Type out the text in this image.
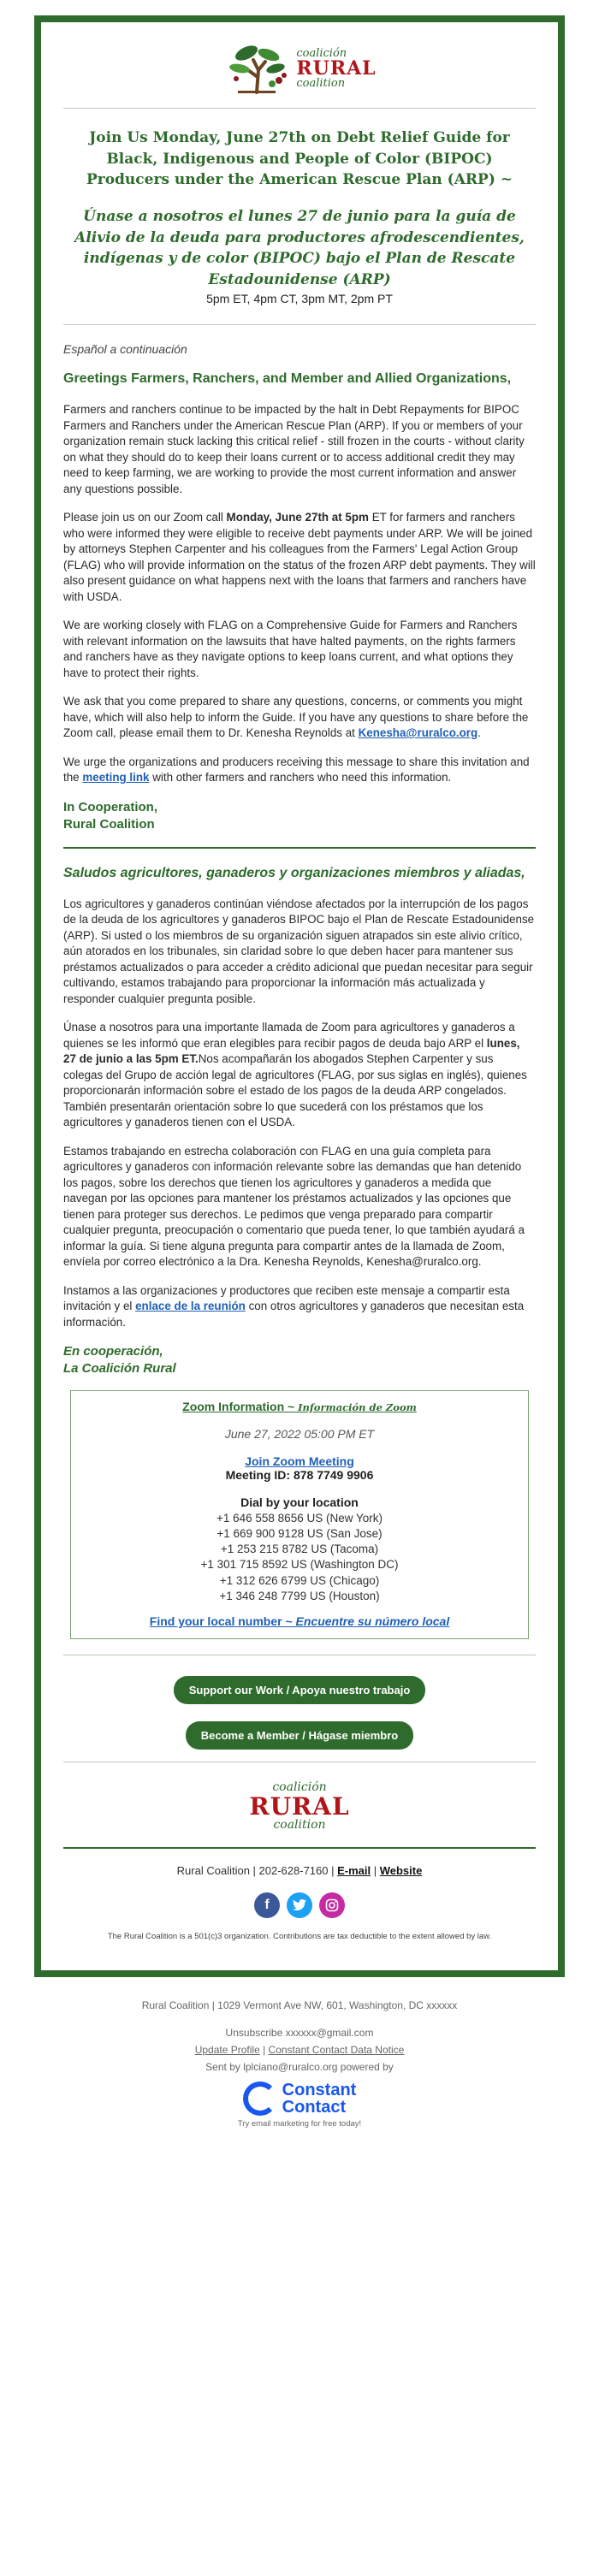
coalición
RURAL
coalition
Join Us Monday, June 27th on Debt Relief Guide for Black, Indigenous and People of Color (BIPOC) Producers under the American Rescue Plan (ARP) ~
Únase a nosotros el lunes 27 de junio para la guía de Alivio de la deuda para productores afrodescendientes, indígenas y de color (BIPOC) bajo el Plan de Rescate Estadounidense (ARP)
5pm ET, 4pm CT, 3pm MT, 2pm PT
Español a continuación
Greetings Farmers, Ranchers, and Member and Allied Organizations,

Farmers and ranchers continue to be impacted by the halt in Debt Repayments for BIPOC Farmers and Ranchers under the American Rescue Plan (ARP). If you or members of your organization remain stuck lacking this critical relief - still frozen in the courts - without clarity on what they should do to keep their loans current or to access additional credit they may need to keep farming, we are working to provide the most current information and answer any questions possible.

Please join us on our Zoom call Monday, June 27th at 5pm ET for farmers and ranchers who were informed they were eligible to receive debt payments under ARP. We will be joined by attorneys Stephen Carpenter and his colleagues from the Farmers' Legal Action Group (FLAG) who will provide information on the status of the frozen ARP debt payments. They will also present guidance on what happens next with the loans that farmers and ranchers have with USDA.

We are working closely with FLAG on a Comprehensive Guide for Farmers and Ranchers with relevant information on the lawsuits that have halted payments, on the rights farmers and ranchers have as they navigate options to keep loans current, and what options they have to protect their rights.

We ask that you come prepared to share any questions, concerns, or comments you might have, which will also help to inform the Guide. If you have any questions to share before the Zoom call, please email them to Dr. Kenesha Reynolds at Kenesha@ruralco.org.

We urge the organizations and producers receiving this message to share this invitation and the meeting link with other farmers and ranchers who need this information.

In Cooperation,
Rural Coalition
Saludos agricultores, ganaderos y organizaciones miembros y aliadas,

Los agricultores y ganaderos continúan viéndose afectados por la interrupción de los pagos de la deuda de los agricultores y ganaderos BIPOC bajo el Plan de Rescate Estadounidense (ARP). Si usted o los miembros de su organización siguen atrapados sin este alivio crítico, aún atorados en los tribunales, sin claridad sobre lo que deben hacer para mantener sus préstamos actualizados o para acceder a crédito adicional que puedan necesitar para seguir cultivando, estamos trabajando para proporcionar la información más actualizada y responder cualquier pregunta posible.

Únase a nosotros para una importante llamada de Zoom para agricultores y ganaderos a quienes se les informó que eran elegibles para recibir pagos de deuda bajo ARP el lunes, 27 de junio a las 5pm ET.Nos acompañarán los abogados Stephen Carpenter y sus colegas del Grupo de acción legal de agricultores (FLAG, por sus siglas en inglés), quienes proporcionarán información sobre el estado de los pagos de la deuda ARP congelados. También presentarán orientación sobre lo que sucederá con los préstamos que los agricultores y ganaderos tienen con el USDA.

Estamos trabajando en estrecha colaboración con FLAG en una guía completa para agricultores y ganaderos con información relevante sobre las demandas que han detenido los pagos, sobre los derechos que tienen los agricultores y ganaderos a medida que navegan por las opciones para mantener los préstamos actualizados y las opciones que tienen para proteger sus derechos. Le pedimos que venga preparado para compartir cualquier pregunta, preocupación o comentario que pueda tener, lo que también ayudará a informar la guía. Si tiene alguna pregunta para compartir antes de la llamada de Zoom, envíela por correo electrónico a la Dra. Kenesha Reynolds, Kenesha@ruralco.org.

Instamos a las organizaciones y productores que reciben este mensaje a compartir esta invitación y el enlace de la reunión con otros agricultores y ganaderos que necesitan esta información.

En cooperación,
La Coalición Rural
Zoom Information ~ Información de Zoom
June 27, 2022 05:00 PM ET
Join Zoom Meeting
Meeting ID: 878 7749 9906
Dial by your location
+1 646 558 8656 US (New York)
+1 669 900 9128 US (San Jose)
+1 253 215 8782 US (Tacoma)
+1 301 715 8592 US (Washington DC)
+1 312 626 6799 US (Chicago)
+1 346 248 7799 US (Houston)
Find your local number ~ Encuentre su número local
Support our Work / Apoya nuestro trabajo
Become a Member / Hágase miembro
coalición
RURAL
coalition
Rural Coalition | 202-628-7160 | E-mail | Website
f
The Rural Coalition is a 501(c)3 organization. Contributions are tax deductible to the extent allowed by law.
Rural Coalition | 1029 Vermont Ave NW, 601, Washington, DC xxxxxx
Unsubscribe xxxxxx@gmail.com
Update Profile | Constant Contact Data Notice
Sent by lplciano@ruralco.org powered by
Constant
Contact
Try email marketing for free today!
